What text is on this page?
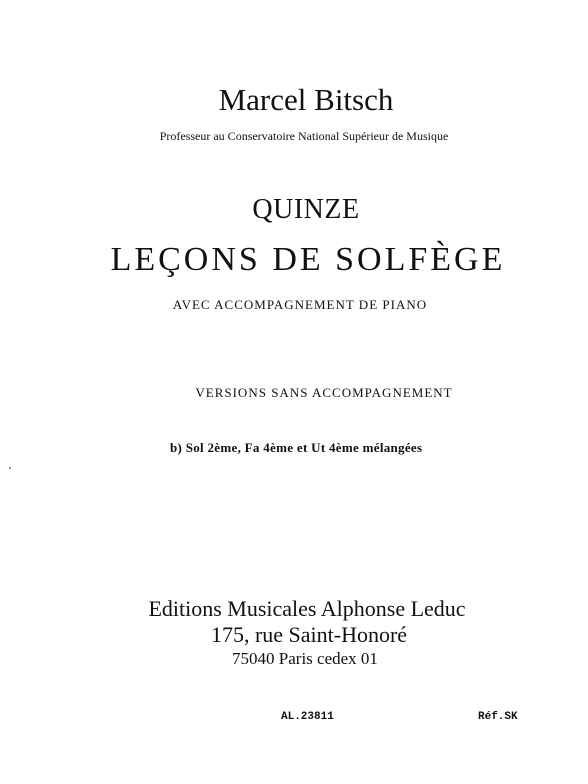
Marcel Bitsch
Professeur au Conservatoire National Supérieur de Musique
QUINZE
LEÇONS DE SOLFÈGE
AVEC ACCOMPAGNEMENT DE PIANO
VERSIONS SANS ACCOMPAGNEMENT
b) Sol 2ème, Fa 4ème et Ut 4ème mélangées
Editions Musicales Alphonse Leduc
175, rue Saint-Honoré
75040 Paris cedex 01
AL.23811	Réf.SK
